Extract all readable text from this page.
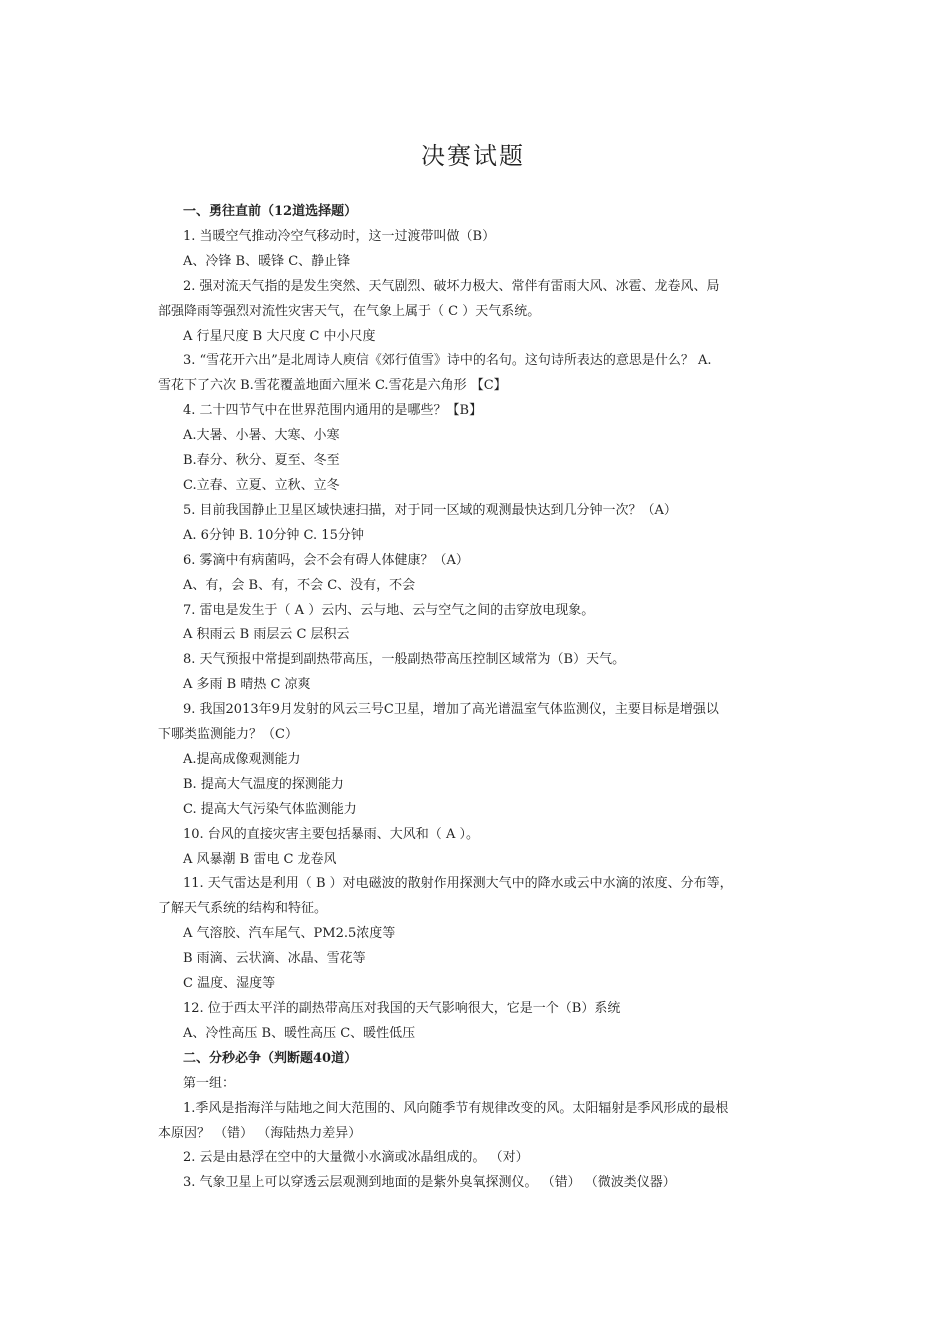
决赛试题
一、勇往直前（12道选择题）
1. 当暖空气推动冷空气移动时，这一过渡带叫做（B）
A、冷锋 B、暖锋 C、静止锋
2. 强对流天气指的是发生突然、天气剧烈、破坏力极大、常伴有雷雨大风、冰雹、龙卷风、局
部强降雨等强烈对流性灾害天气，在气象上属于（ C ）天气系统。
A 行星尺度 B 大尺度 C 中小尺度
3. “雪花开六出”是北周诗人庾信《郊行值雪》诗中的名句。这句诗所表达的意思是什么？ A.
雪花下了六次 B.雪花覆盖地面六厘米 C.雪花是六角形 【C】
4. 二十四节气中在世界范围内通用的是哪些？【B】
A.大暑、小暑、大寒、小寒
B.春分、秋分、夏至、冬至
C.立春、立夏、立秋、立冬
5. 目前我国静止卫星区域快速扫描，对于同一区域的观测最快达到几分钟一次？（A）
A. 6分钟 B. 10分钟 C. 15分钟
6. 雾滴中有病菌吗，会不会有碍人体健康？（A）
A、有，会 B、有，不会 C、没有，不会
7. 雷电是发生于（ A ）云内、云与地、云与空气之间的击穿放电现象。
A 积雨云 B 雨层云 C 层积云
8. 天气预报中常提到副热带高压，一般副热带高压控制区域常为（B）天气。
A 多雨 B 晴热 C 凉爽
9. 我国2013年9月发射的风云三号C卫星，增加了高光谱温室气体监测仪，主要目标是增强以
下哪类监测能力？（C）
A.提高成像观测能力
B. 提高大气温度的探测能力
C. 提高大气污染气体监测能力
10. 台风的直接灾害主要包括暴雨、大风和（ A ）。
A 风暴潮 B 雷电 C 龙卷风
11. 天气雷达是利用（ B ）对电磁波的散射作用探测大气中的降水或云中水滴的浓度、分布等，
了解天气系统的结构和特征。
A 气溶胶、汽车尾气、PM2.5浓度等
B 雨滴、云状滴、冰晶、雪花等
C 温度、湿度等
12. 位于西太平洋的副热带高压对我国的天气影响很大，它是一个（B）系统
A、冷性高压 B、暖性高压 C、暖性低压
二、分秒必争（判断题40道）
第一组：
1.季风是指海洋与陆地之间大范围的、风向随季节有规律改变的风。太阳辐射是季风形成的最根
本原因？ （错） （海陆热力差异）
2. 云是由悬浮在空中的大量微小水滴或冰晶组成的。 （对）
3. 气象卫星上可以穿透云层观测到地面的是紫外臭氧探测仪。 （错） （微波类仪器）
